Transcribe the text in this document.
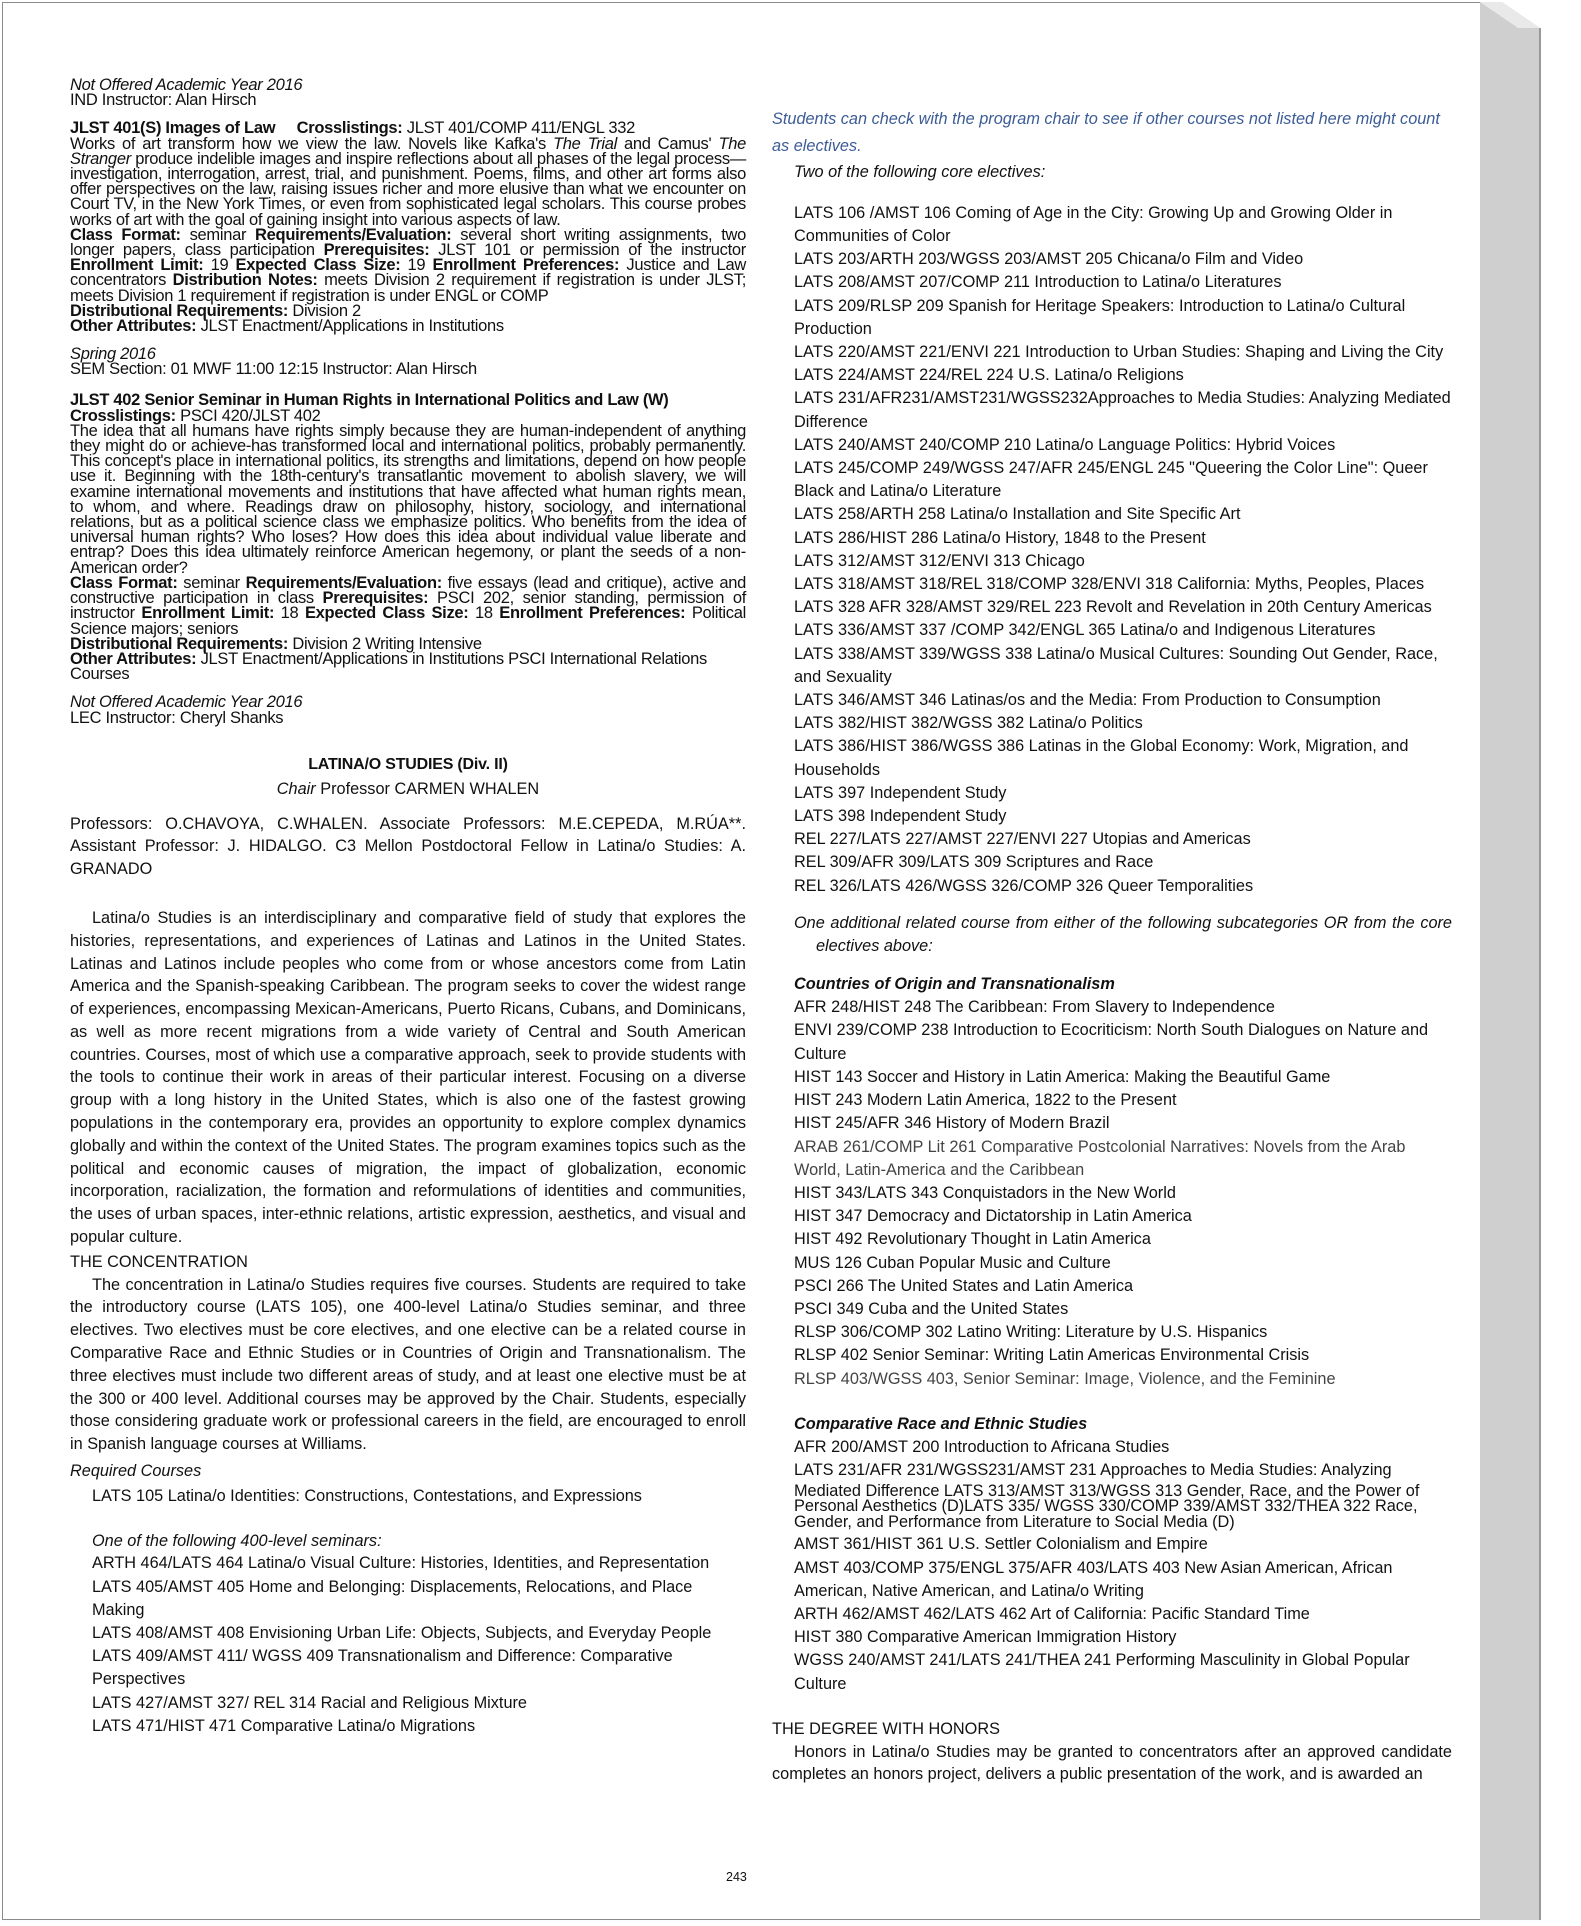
Not Offered Academic Year 2016
IND Instructor: Alan Hirsch
JLST 401(S) Images of Law Crosslistings: JLST 401/COMP 411/ENGL 332
Works of art transform how we view the law. Novels like Kafka's The Trial and Camus' The Stranger produce indelible images and inspire reflections about all phases of the legal process—investigation, interrogation, arrest, trial, and punishment. Poems, films, and other art forms also offer perspectives on the law, raising issues richer and more elusive than what we encounter on Court TV, in the New York Times, or even from sophisticated legal scholars. This course probes works of art with the goal of gaining insight into various aspects of law.
Class Format: seminar Requirements/Evaluation: several short writing assignments, two longer papers, class participation Prerequisites: JLST 101 or permission of the instructor Enrollment Limit: 19 Expected Class Size: 19 Enrollment Preferences: Justice and Law concentrators Distribution Notes: meets Division 2 requirement if registration is under JLST; meets Division 1 requirement if registration is under ENGL or COMP
Distributional Requirements: Division 2
Other Attributes: JLST Enactment/Applications in Institutions
Spring 2016
SEM Section: 01 MWF 11:00 12:15 Instructor: Alan Hirsch
JLST 402 Senior Seminar in Human Rights in International Politics and Law (W)
Crosslistings: PSCI 420/JLST 402
The idea that all humans have rights simply because they are human-independent of anything they might do or achieve-has transformed local and international politics, probably permanently. This concept's place in international politics, its strengths and limitations, depend on how people use it. Beginning with the 18th-century's transatlantic movement to abolish slavery, we will examine international movements and institutions that have affected what human rights mean, to whom, and where. Readings draw on philosophy, history, sociology, and international relations, but as a political science class we emphasize politics. Who benefits from the idea of universal human rights? Who loses? How does this idea about individual value liberate and entrap? Does this idea ultimately reinforce American hegemony, or plant the seeds of a non-American order?
Class Format: seminar Requirements/Evaluation: five essays (lead and critique), active and constructive participation in class Prerequisites: PSCI 202, senior standing, permission of instructor Enrollment Limit: 18 Expected Class Size: 18 Enrollment Preferences: Political Science majors; seniors
Distributional Requirements: Division 2 Writing Intensive
Other Attributes: JLST Enactment/Applications in Institutions PSCI International Relations Courses
Not Offered Academic Year 2016
LEC Instructor: Cheryl Shanks
LATINA/O STUDIES (Div. II)
Chair Professor CARMEN WHALEN
Professors: O.CHAVOYA, C.WHALEN. Associate Professors: M.E.CEPEDA, M.RÚA**. Assistant Professor: J. HIDALGO. C3 Mellon Postdoctoral Fellow in Latina/o Studies: A. GRANADO
Latina/o Studies is an interdisciplinary and comparative field of study that explores the histories, representations, and experiences of Latinas and Latinos in the United States. Latinas and Latinos include peoples who come from or whose ancestors come from Latin America and the Spanish-speaking Caribbean. The program seeks to cover the widest range of experiences, encompassing Mexican-Americans, Puerto Ricans, Cubans, and Dominicans, as well as more recent migrations from a wide variety of Central and South American countries. Courses, most of which use a comparative approach, seek to provide students with the tools to continue their work in areas of their particular interest. Focusing on a diverse group with a long history in the United States, which is also one of the fastest growing populations in the contemporary era, provides an opportunity to explore complex dynamics globally and within the context of the United States. The program examines topics such as the political and economic causes of migration, the impact of globalization, economic incorporation, racialization, the formation and reformulations of identities and communities, the uses of urban spaces, inter-ethnic relations, artistic expression, aesthetics, and visual and popular culture.
THE CONCENTRATION
The concentration in Latina/o Studies requires five courses. Students are required to take the introductory course (LATS 105), one 400-level Latina/o Studies seminar, and three electives. Two electives must be core electives, and one elective can be a related course in Comparative Race and Ethnic Studies or in Countries of Origin and Transnationalism. The three electives must include two different areas of study, and at least one elective must be at the 300 or 400 level. Additional courses may be approved by the Chair. Students, especially those considering graduate work or professional careers in the field, are encouraged to enroll in Spanish language courses at Williams.
Required Courses
LATS 105 Latina/o Identities: Constructions, Contestations, and Expressions
One of the following 400-level seminars:
ARTH 464/LATS 464 Latina/o Visual Culture: Histories, Identities, and Representation
LATS 405/AMST 405 Home and Belonging: Displacements, Relocations, and Place Making
LATS 408/AMST 408 Envisioning Urban Life: Objects, Subjects, and Everyday People
LATS 409/AMST 411/ WGSS 409 Transnationalism and Difference: Comparative Perspectives
LATS 427/AMST 327/ REL 314 Racial and Religious Mixture
LATS 471/HIST 471 Comparative Latina/o Migrations
Students can check with the program chair to see if other courses not listed here might count as electives.
Two of the following core electives:
LATS 106 /AMST 106 Coming of Age in the City: Growing Up and Growing Older in Communities of Color
LATS 203/ARTH 203/WGSS 203/AMST 205 Chicana/o Film and Video
LATS 208/AMST 207/COMP 211 Introduction to Latina/o Literatures
LATS 209/RLSP 209 Spanish for Heritage Speakers: Introduction to Latina/o Cultural Production
LATS 220/AMST 221/ENVI 221 Introduction to Urban Studies: Shaping and Living the City
LATS 224/AMST 224/REL 224 U.S. Latina/o Religions
LATS 231/AFR231/AMST231/WGSS232Approaches to Media Studies: Analyzing Mediated Difference
LATS 240/AMST 240/COMP 210 Latina/o Language Politics: Hybrid Voices
LATS 245/COMP 249/WGSS 247/AFR 245/ENGL 245 "Queering the Color Line": Queer Black and Latina/o Literature
LATS 258/ARTH 258 Latina/o Installation and Site Specific Art
LATS 286/HIST 286 Latina/o History, 1848 to the Present
LATS 312/AMST 312/ENVI 313 Chicago
LATS 318/AMST 318/REL 318/COMP 328/ENVI 318 California: Myths, Peoples, Places
LATS 328 AFR 328/AMST 329/REL 223 Revolt and Revelation in 20th Century Americas
LATS 336/AMST 337 /COMP 342/ENGL 365 Latina/o and Indigenous Literatures
LATS 338/AMST 339/WGSS 338 Latina/o Musical Cultures: Sounding Out Gender, Race, and Sexuality
LATS 346/AMST 346 Latinas/os and the Media: From Production to Consumption
LATS 382/HIST 382/WGSS 382 Latina/o Politics
LATS 386/HIST 386/WGSS 386 Latinas in the Global Economy: Work, Migration, and Households
LATS 397 Independent Study
LATS 398 Independent Study
REL 227/LATS 227/AMST 227/ENVI 227 Utopias and Americas
REL 309/AFR 309/LATS 309 Scriptures and Race
REL 326/LATS 426/WGSS 326/COMP 326 Queer Temporalities
One additional related course from either of the following subcategories OR from the core electives above:
Countries of Origin and Transnationalism
AFR 248/HIST 248 The Caribbean: From Slavery to Independence
ENVI 239/COMP 238 Introduction to Ecocriticism: North South Dialogues on Nature and Culture
HIST 143 Soccer and History in Latin America: Making the Beautiful Game
HIST 243 Modern Latin America, 1822 to the Present
HIST 245/AFR 346 History of Modern Brazil
ARAB 261/COMP Lit 261 Comparative Postcolonial Narratives: Novels from the Arab World, Latin-America and the Caribbean
HIST 343/LATS 343 Conquistadors in the New World
HIST 347 Democracy and Dictatorship in Latin America
HIST 492 Revolutionary Thought in Latin America
MUS 126 Cuban Popular Music and Culture
PSCI 266 The United States and Latin America
PSCI 349 Cuba and the United States
RLSP 306/COMP 302 Latino Writing: Literature by U.S. Hispanics
RLSP 402 Senior Seminar: Writing Latin Americas Environmental Crisis
RLSP 403/WGSS 403, Senior Seminar: Image, Violence, and the Feminine
Comparative Race and Ethnic Studies
AFR 200/AMST 200 Introduction to Africana Studies
LATS 231/AFR 231/WGSS231/AMST 231 Approaches to Media Studies: Analyzing
Mediated Difference LATS 313/AMST 313/WGSS 313 Gender, Race, and the Power of Personal Aesthetics (D)LATS 335/ WGSS 330/COMP 339/AMST 332/THEA 322 Race, Gender, and Performance from Literature to Social Media (D)
AMST 361/HIST 361 U.S. Settler Colonialism and Empire
AMST 403/COMP 375/ENGL 375/AFR 403/LATS 403 New Asian American, African American, Native American, and Latina/o Writing
ARTH 462/AMST 462/LATS 462 Art of California: Pacific Standard Time
HIST 380 Comparative American Immigration History
WGSS 240/AMST 241/LATS 241/THEA 241 Performing Masculinity in Global Popular Culture
THE DEGREE WITH HONORS
Honors in Latina/o Studies may be granted to concentrators after an approved candidate completes an honors project, delivers a public presentation of the work, and is awarded an
243
